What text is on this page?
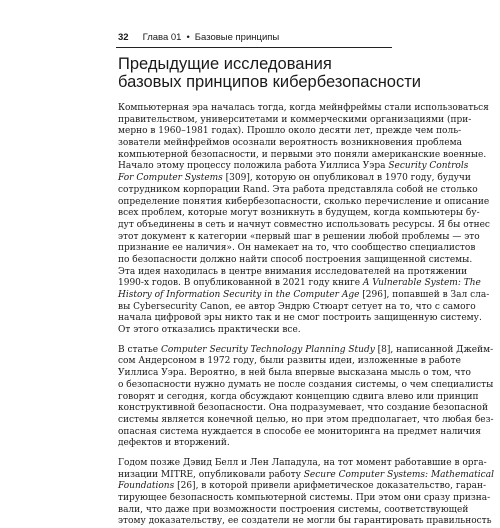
32 Глава 01 • Базовые принципы
Предыдущие исследования
базовых принципов кибербезопасности
Компьютерная эра началась тогда, когда мейнфреймы стали использоваться
правительством, университетами и коммерческими организациями (при-
мерно в 1960–1981 годах). Прошло около десяти лет, прежде чем поль-
зователи мейнфреймов осознали вероятность возникновения проблема
компьютерной безопасности, и первыми это поняли американские военные.
Начало этому процессу положила работа Уиллиса Уэра Security Controls
For Computer Systems [309], которую он опубликовал в 1970 году, будучи
сотрудником корпорации Rand. Эта работа представляла собой не столько
определение понятия кибербезопасности, сколько перечисление и описание
всех проблем, которые могут возникнуть в будущем, когда компьютеры бу-
дут объединены в сеть и начнут совместно использовать ресурсы. Я бы отнес
этот документ к категории «первый шаг в решении любой проблемы — это
признание ее наличия». Он намекает на то, что сообщество специалистов
по безопасности должно найти способ построения защищенной системы.
Эта идея находилась в центре внимания исследователей на протяжении
1990-х годов. В опубликованной в 2021 году книге A Vulnerable System: The
History of Information Security in the Computer Age [296], попавшей в Зал сла-
вы Cybersecurity Canon, ее автор Эндрю Стюарт сетует на то, что с самого
начала цифровой эры никто так и не смог построить защищенную систему.
От этого отказались практически все.
В статье Computer Security Technology Planning Study [8], написанной Джейм-
сом Андерсоном в 1972 году, были развиты идеи, изложенные в работе
Уиллиса Уэра. Вероятно, в ней была впервые высказана мысль о том, что
о безопасности нужно думать не после создания системы, о чем специалисты
говорят и сегодня, когда обсуждают концепцию сдвига влево или принцип
конструктивной безопасности. Она подразумевает, что создание безопасной
системы является конечной целью, но при этом предполагает, что любая без-
опасная система нуждается в способе ее мониторинга на предмет наличия
дефектов и вторжений.
Годом позже Дэвид Белл и Лен Лападула, на тот момент работавшие в орга-
низации MITRE, опубликовали работу Secure Computer Systems: Mathematical
Foundations [26], в которой привели арифметическое доказательство, гаран-
тирующее безопасность компьютерной системы. При этом они сразу призна-
вали, что даже при возможности построения системы, соответствующей
этому доказательству, ее создатели не могли бы гарантировать правильность
